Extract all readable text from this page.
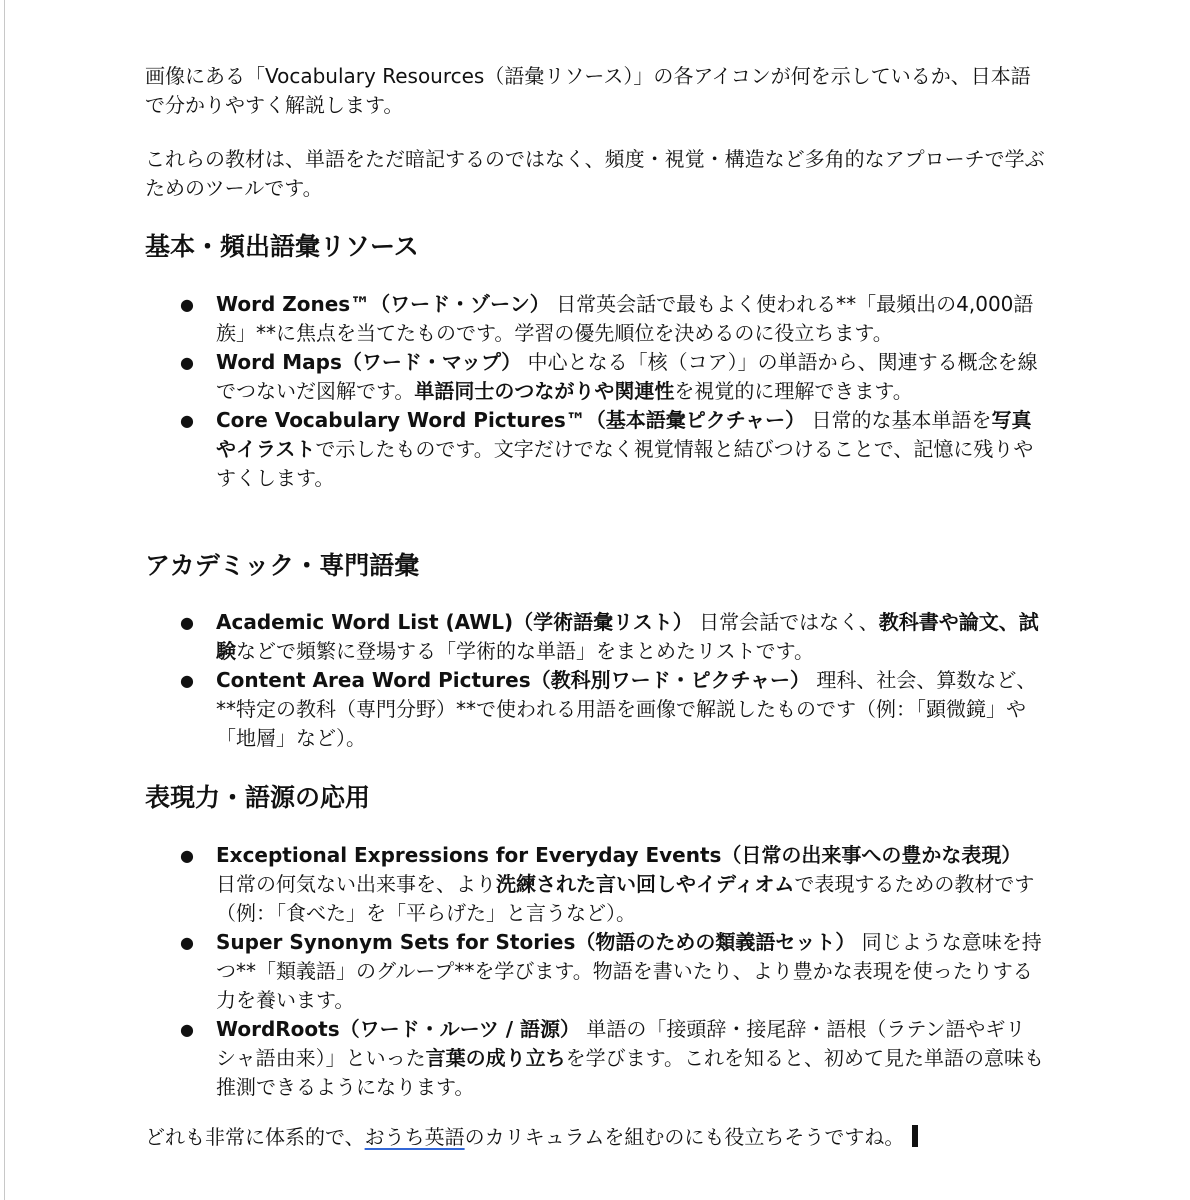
画像にある「Vocabulary Resources（語彙リソース）」の各アイコンが何を示しているか、日本語で分かりやすく解説します。

これらの教材は、単語をただ暗記するのではなく、頻度・視覚・構造など多角的なアプローチで学ぶためのツールです。

基本・頻出語彙リソース
● Word Zones™（ワード・ゾーン） 日常英会話で最もよく使われる**「最頻出の4,000語族」**に焦点を当てたものです。学習の優先順位を決めるのに役立ちます。
● Word Maps（ワード・マップ） 中心となる「核（コア）」の単語から、関連する概念を線でつないだ図解です。単語同士のつながりや関連性を視覚的に理解できます。
● Core Vocabulary Word Pictures™（基本語彙ピクチャー） 日常的な基本単語を写真やイラストで示したものです。文字だけでなく視覚情報と結びつけることで、記憶に残りやすくします。
アカデミック・専門語彙
● Academic Word List (AWL)（学術語彙リスト） 日常会話ではなく、教科書や論文、試験などで頻繁に登場する「学術的な単語」をまとめたリストです。
● Content Area Word Pictures（教科別ワード・ピクチャー） 理科、社会、算数など、**特定の教科（専門分野）**で使われる用語を画像で解説したものです（例：「顕微鏡」や「地層」など）。
表現力・語源の応用
● Exceptional Expressions for Everyday Events（日常の出来事への豊かな表現） 日常の何気ない出来事を、より洗練された言い回しやイディオムで表現するための教材です（例：「食べた」を「平らげた」と言うなど）。
● Super Synonym Sets for Stories（物語のための類義語セット） 同じような意味を持つ**「類義語」のグループ**を学びます。物語を書いたり、より豊かな表現を使ったりする力を養います。
● WordRoots（ワード・ルーツ / 語源） 単語の「接頭辞・接尾辞・語根（ラテン語やギリシャ語由来）」といった言葉の成り立ちを学びます。これを知ると、初めて見た単語の意味も推測できるようになります。

どれも非常に体系的で、おうち英語のカリキュラムを組むのにも役立ちそうですね。
